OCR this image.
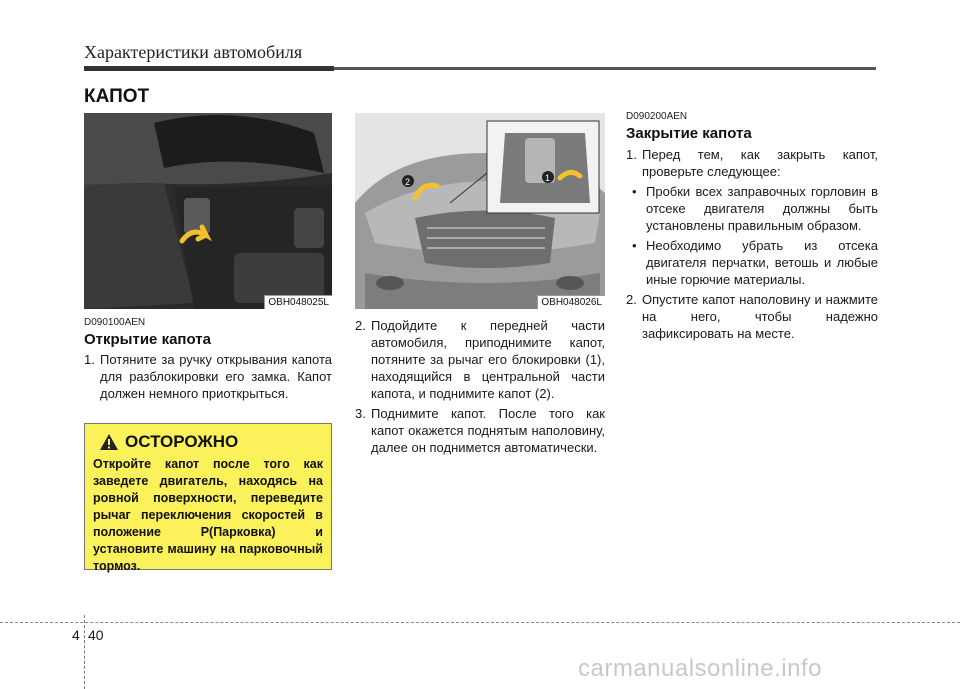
Характеристики автомобиля
КАПОТ
OBH048025L
1
2
OBH048026L
D090100AEN
Открытие капота
1. Потяните за ручку открывания капота для разблокировки его замка. Капот должен немного приоткрыться.
ОСТОРОЖНО
Откройте капот после того как заведете двигатель, находясь на ровной поверхности, переведите рычаг переключения скоростей в положение P(Парковка) и установите машину на парковочный тормоз.
2. Подойдите к передней части автомобиля, приподнимите капот, потяните за рычаг его блокировки (1), находящийся в центральной части капота, и поднимите капот (2).
3. Поднимите капот. После того как капот окажется поднятым наполовину, далее он поднимется автоматически.
D090200AEN
Закрытие капота
1. Перед тем, как закрыть капот, проверьте следующее:
• Пробки всех заправочных горловин в отсеке двигателя должны быть установлены правильным образом.
• Необходимо убрать из отсека двигателя перчатки, ветошь и любые иные горючие материалы.
2. Опустите капот наполовину и нажмите на него, чтобы надежно зафиксировать на месте.
4 40
carmanualsonline.info
